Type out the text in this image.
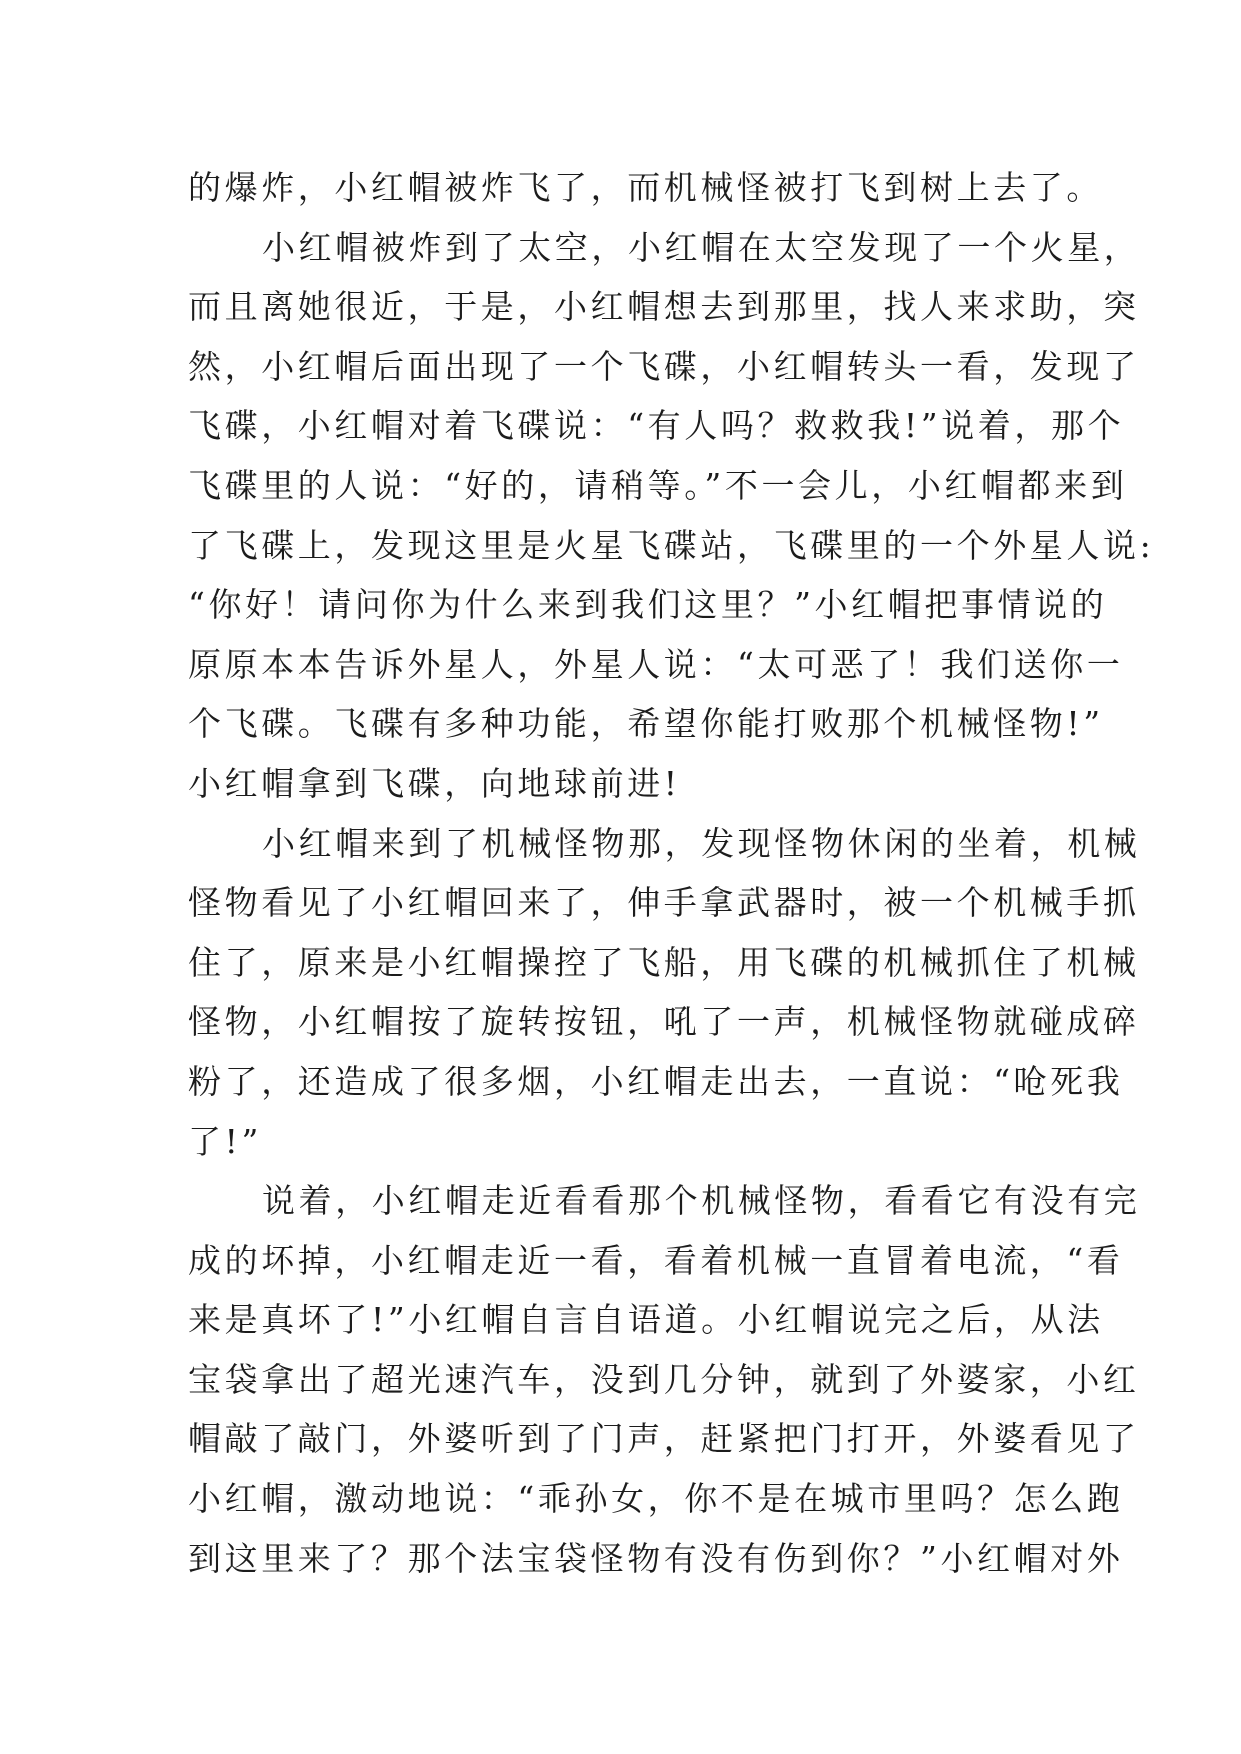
的爆炸，小红帽被炸飞了，而机械怪被打飞到树上去了。
小红帽被炸到了太空，小红帽在太空发现了一个火星，
而且离她很近，于是，小红帽想去到那里，找人来求助，突
然，小红帽后面出现了一个飞碟，小红帽转头一看，发现了
飞碟，小红帽对着飞碟说：“有人吗？救救我!”说着，那个
飞碟里的人说：“好的，请稍等。”不一会儿，小红帽都来到
了飞碟上，发现这里是火星飞碟站，飞碟里的一个外星人说:
“你好！请问你为什么来到我们这里？”小红帽把事情说的
原原本本告诉外星人，外星人说：“太可恶了！我们送你一
个飞碟。飞碟有多种功能，希望你能打败那个机械怪物!”
小红帽拿到飞碟，向地球前进!
小红帽来到了机械怪物那，发现怪物休闲的坐着，机械
怪物看见了小红帽回来了，伸手拿武器时，被一个机械手抓
住了，原来是小红帽操控了飞船，用飞碟的机械抓住了机械
怪物，小红帽按了旋转按钮，吼了一声，机械怪物就碰成碎
粉了，还造成了很多烟，小红帽走出去，一直说：“呛死我
了!”
说着，小红帽走近看看那个机械怪物，看看它有没有完
成的坏掉，小红帽走近一看，看着机械一直冒着电流，“看
来是真坏了!”小红帽自言自语道。小红帽说完之后，从法
宝袋拿出了超光速汽车，没到几分钟，就到了外婆家，小红
帽敲了敲门，外婆听到了门声，赶紧把门打开，外婆看见了
小红帽，激动地说：“乖孙女，你不是在城市里吗？怎么跑
到这里来了？那个法宝袋怪物有没有伤到你？”小红帽对外
